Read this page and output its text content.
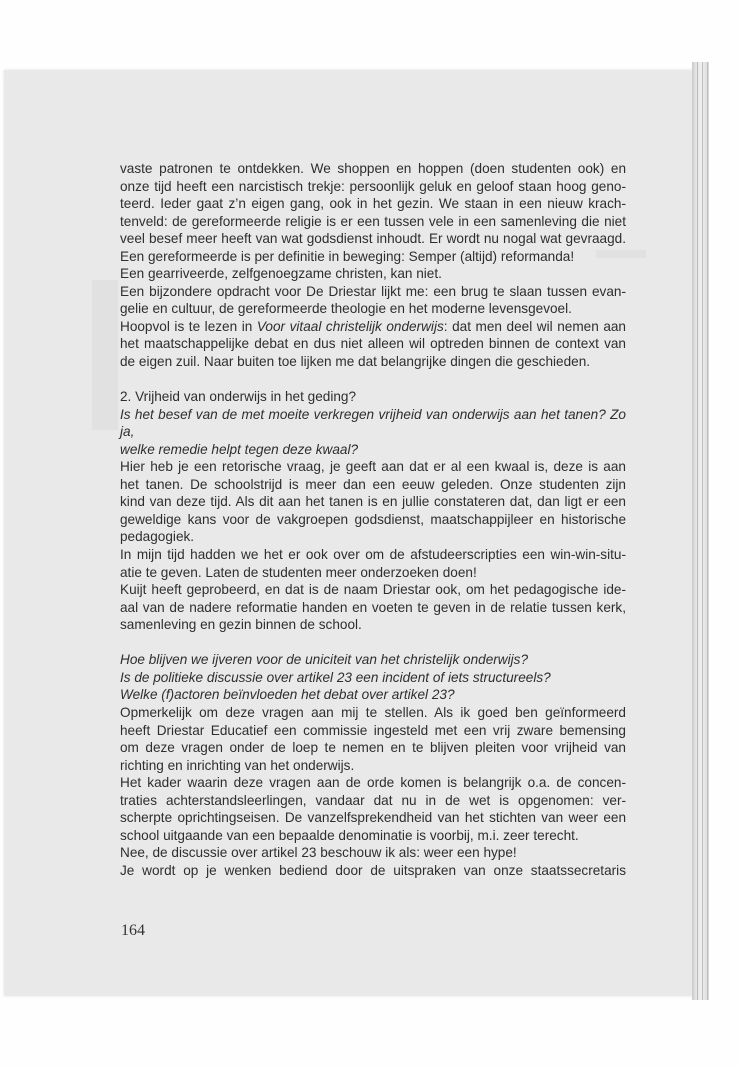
vaste patronen te ontdekken. We shoppen en hoppen (doen studenten ook) en
onze tijd heeft een narcistisch trekje: persoonlijk geluk en geloof staan hoog geno-
teerd. Ieder gaat z’n eigen gang, ook in het gezin. We staan in een nieuw krach-
tenveld: de gereformeerde religie is er een tussen vele in een samenleving die niet
veel besef meer heeft van wat godsdienst inhoudt. Er wordt nu nogal wat gevraagd.
Een gereformeerde is per definitie in beweging: Semper (altijd) reformanda!
Een gearriveerde, zelfgenoegzame christen, kan niet.
Een bijzondere opdracht voor De Driestar lijkt me: een brug te slaan tussen evan-
gelie en cultuur, de gereformeerde theologie en het moderne levensgevoel.
Hoopvol is te lezen in Voor vitaal christelijk onderwijs: dat men deel wil nemen aan
het maatschappelijke debat en dus niet alleen wil optreden binnen de context van
de eigen zuil. Naar buiten toe lijken me dat belangrijke dingen die geschieden.
2. Vrijheid van onderwijs in het geding?
Is het besef van de met moeite verkregen vrijheid van onderwijs aan het tanen? Zo ja,
welke remedie helpt tegen deze kwaal?
Hier heb je een retorische vraag, je geeft aan dat er al een kwaal is, deze is aan
het tanen. De schoolstrijd is meer dan een eeuw geleden. Onze studenten zijn
kind van deze tijd. Als dit aan het tanen is en jullie constateren dat, dan ligt er een
geweldige kans voor de vakgroepen godsdienst, maatschappijleer en historische
pedagogiek.
In mijn tijd hadden we het er ook over om de afstudeerscripties een win-win-situ-
atie te geven. Laten de studenten meer onderzoeken doen!
Kuijt heeft geprobeerd, en dat is de naam Driestar ook, om het pedagogische ide-
aal van de nadere reformatie handen en voeten te geven in de relatie tussen kerk,
samenleving en gezin binnen de school.
Hoe blijven we ijveren voor de uniciteit van het christelijk onderwijs?
Is de politieke discussie over artikel 23 een incident of iets structureels?
Welke (f)actoren beïnvloeden het debat over artikel 23?
Opmerkelijk om deze vragen aan mij te stellen. Als ik goed ben geïnformeerd
heeft Driestar Educatief een commissie ingesteld met een vrij zware bemensing
om deze vragen onder de loep te nemen en te blijven pleiten voor vrijheid van
richting en inrichting van het onderwijs.
Het kader waarin deze vragen aan de orde komen is belangrijk o.a. de concen-
traties achterstandsleerlingen, vandaar dat nu in de wet is opgenomen: ver-
scherpte oprichtingseisen. De vanzelfsprekendheid van het stichten van weer een
school uitgaande van een bepaalde denominatie is voorbij, m.i. zeer terecht.
Nee, de discussie over artikel 23 beschouw ik als: weer een hype!
Je wordt op je wenken bediend door de uitspraken van onze staatssecretaris
164
